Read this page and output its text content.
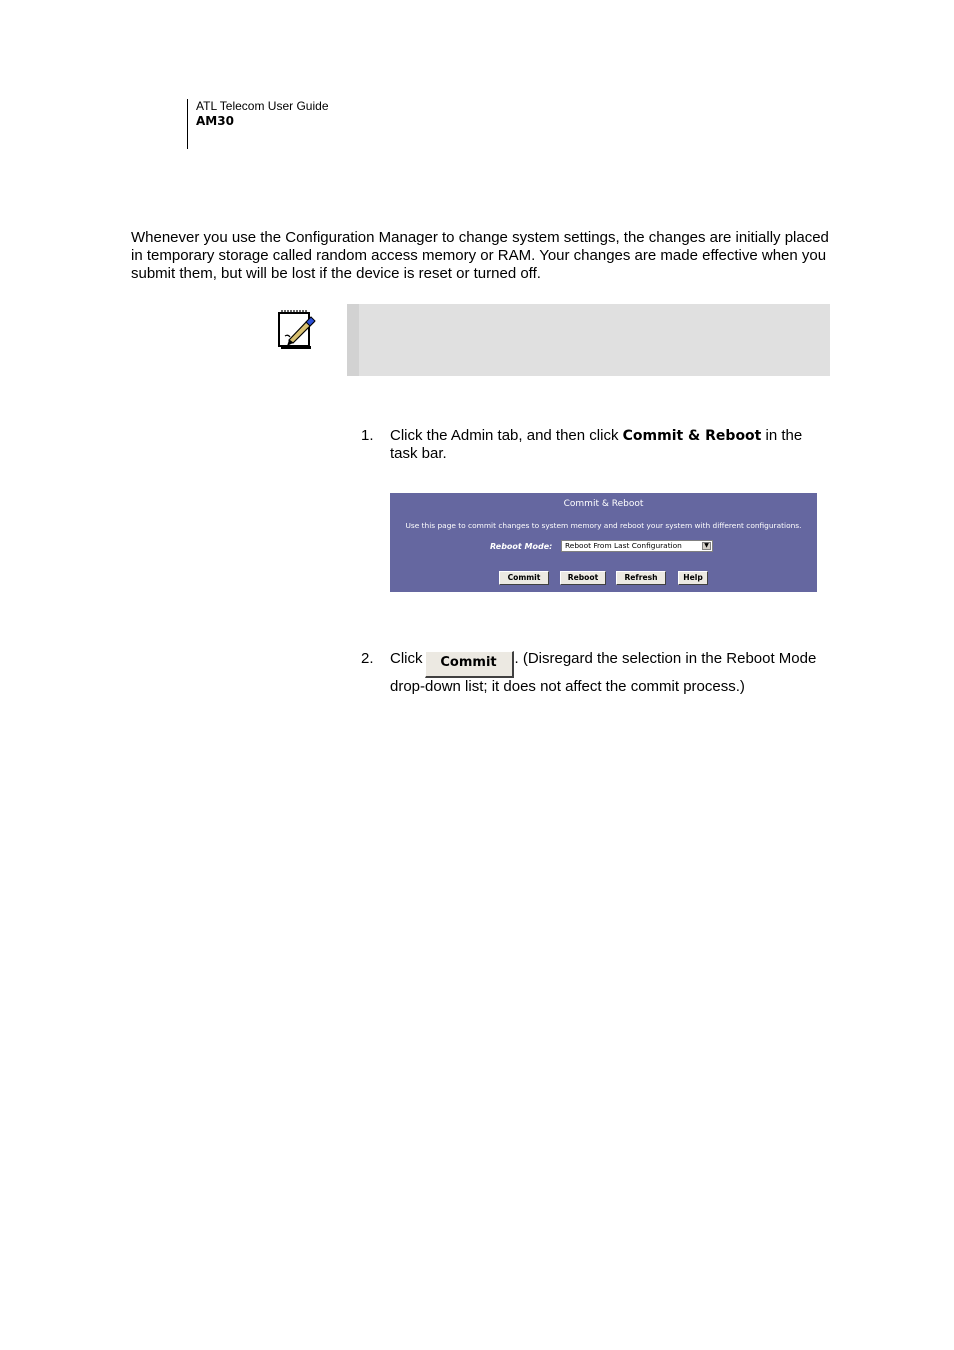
ATL Telecom User Guide
AM30

Whenever you use the Configuration Manager to change system settings, the changes are initially placed in temporary storage called random access memory or RAM. Your changes are made effective when you submit them, but will be lost if the device is reset or turned off.

1. Click the Admin tab, and then click Commit & Reboot in the task bar.
Commit & Reboot
Use this page to commit changes to system memory and reboot your system with different configurations.
Reboot Mode:	Reboot From Last Configuration	▼
Commit	Reboot	Refresh	Help
2. Click Commit . (Disregard the selection in the Reboot Mode drop-down list; it does not affect the commit process.)
